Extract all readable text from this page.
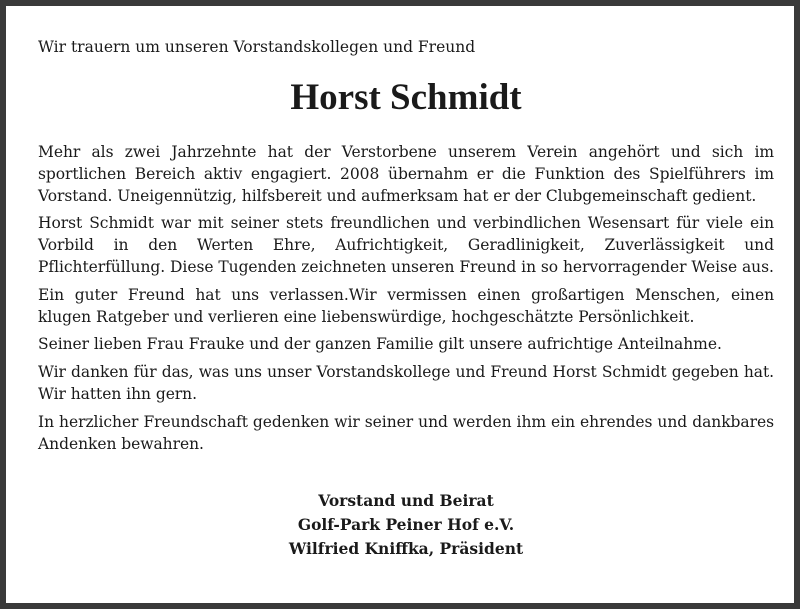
Wir trauern um unseren Vorstandskollegen und Freund

Horst Schmidt

Mehr als zwei Jahrzehnte hat der Verstorbene unserem Verein angehört und sich im sportlichen Bereich aktiv engagiert. 2008 übernahm er die Funktion des Spielführers im Vorstand. Uneigennützig, hilfsbereit und aufmerksam hat er der Clubgemeinschaft gedient.

Horst Schmidt war mit seiner stets freundlichen und verbindlichen Wesensart für viele ein Vorbild in den Werten Ehre, Aufrichtigkeit, Geradlinigkeit, Zuverlässigkeit und Pflichterfüllung. Diese Tugenden zeichneten unseren Freund in so hervorragender Weise aus.

Ein guter Freund hat uns verlassen.Wir vermissen einen großartigen Menschen, einen klugen Ratgeber und verlieren eine liebenswürdige, hochgeschätzte Persönlichkeit.

Seiner lieben Frau Frauke und der ganzen Familie gilt unsere aufrichtige Anteilnahme.

Wir danken für das, was uns unser Vorstandskollege und Freund Horst Schmidt gegeben hat. Wir hatten ihn gern.

In herzlicher Freundschaft gedenken wir seiner und werden ihm ein ehrendes und dankbares Andenken bewahren.

Vorstand und Beirat

Golf-Park Peiner Hof e.V.

Wilfried Kniffka, Präsident
